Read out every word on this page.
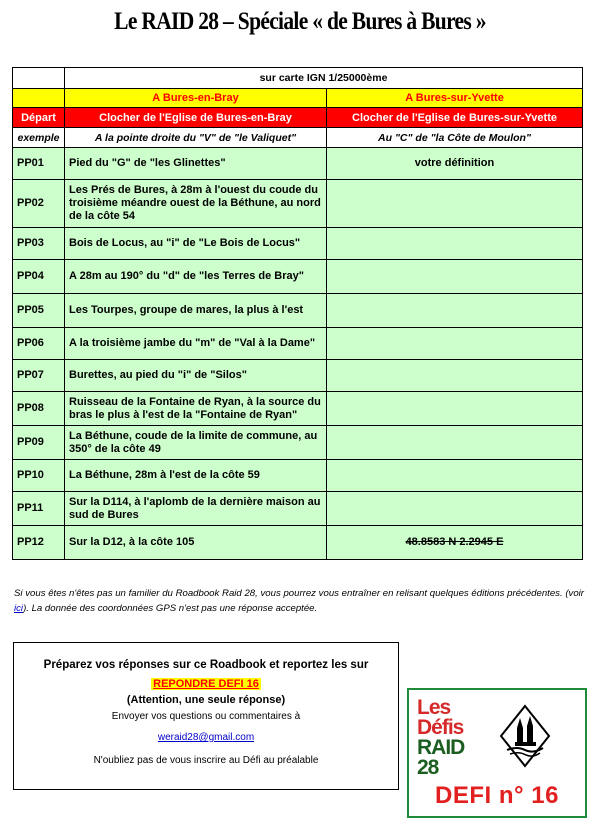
Le RAID 28 – Spéciale « de Bures à Bures »
	sur carte IGN 1/25000ème	
	A Bures-en-Bray	A Bures-sur-Yvette
Départ	Clocher de l'Eglise de Bures-en-Bray	Clocher de l'Eglise de Bures-sur-Yvette
exemple	A la pointe droite du "V" de "le Valiquet"	Au "C" de "la Côte de Moulon"
PP01	Pied du "G" de "les Glinettes"	votre définition
PP02	Les Prés de Bures, à 28m à l'ouest du coude du troisième méandre ouest de la Béthune, au nord de la côte 54	
PP03	Bois de Locus, au "i" de "Le Bois de Locus"	
PP04	A 28m au 190° du "d" de "les Terres de Bray"	
PP05	Les Tourpes, groupe de mares, la plus à l'est	
PP06	A la troisième jambe du "m" de "Val à la Dame"	
PP07	Burettes, au pied du "i" de "Silos"	
PP08	Ruisseau de la Fontaine de Ryan, à la source du bras le plus à l'est de la "Fontaine de Ryan"	
PP09	La Béthune, coude de la limite de commune, au 350° de la côte 49	
PP10	La Béthune, 28m à l'est de la côte 59	
PP11	Sur la D114, à l'aplomb de la dernière maison au sud de Bures	
PP12	Sur la D12, à la côte 105	48.8583 N 2.2945 E
Si vous êtes n'êtes pas un familier du Roadbook Raid 28, vous pourrez vous entraîner en relisant quelques éditions précédentes. (voir ici). La donnée des coordonnées GPS n'est pas une réponse acceptée.
Préparez vos réponses sur ce Roadbook et reportez les sur
REPONDRE DEFI 16
(Attention, une seule réponse)
Envoyer vos questions ou commentaires à
weraid28@gmail.com
N'oubliez pas de vous inscrire au Défi au préalable
Les
Défis
RAID
28
DEFI n° 16
